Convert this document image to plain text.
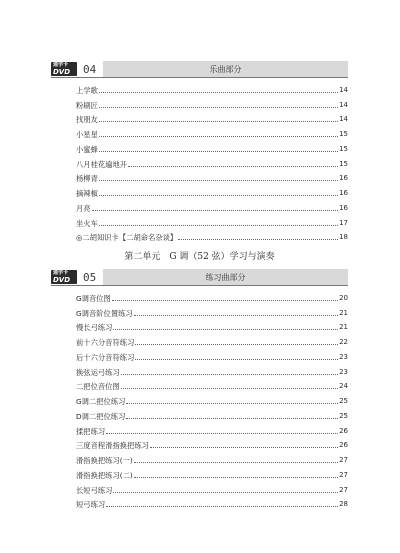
通学卡
DVD 04	乐曲部分
上学歌	14
粉刷匠	14
找朋友	14
小星星	15
小蜜蜂	15
八月桂花遍地开	15
杨柳青	16
摘辣椒	16
月亮	16
坐火车	17
◎二胡知识卡【二胡命名杂谈】	18
第二单元　G 调（52 弦）学习与演奏
通学卡
DVD 05	练习曲部分
G调音位图	20
G调音阶位置练习	21
慢长弓练习	21
前十六分音符练习	22
后十六分音符练习	23
换弦运弓练习	23
二把位音位图	24
G调二把位练习	25
D调二把位练习	25
揉把练习	26
三度音程滑指换把练习	26
滑指换把练习(一)	27
滑指换把练习(二)	27
长短弓练习	27
短弓练习	28
